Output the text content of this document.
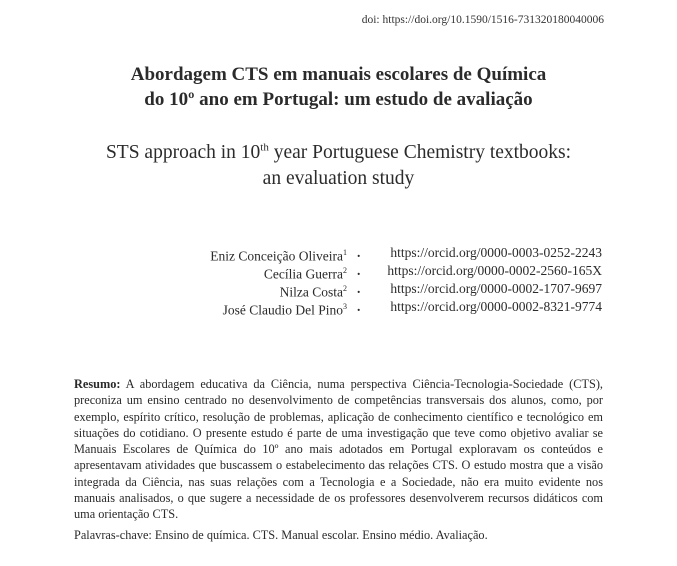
doi: https://doi.org/10.1590/1516-731320180040006
Abordagem CTS em manuais escolares de Química
do 10º ano em Portugal: um estudo de avaliação
STS approach in 10th year Portuguese Chemistry textbooks:
an evaluation study
Eniz Conceição Oliveira$^1$ . https://orcid.org/0000-0003-0252-2243
Cecília Guerra$^2$ . https://orcid.org/0000-0002-2560-165X
Nilza Costa$^2$ . https://orcid.org/0000-0002-1707-9697
José Claudio Del Pino$^3$ . https://orcid.org/0000-0002-8321-9774
Resumo: A abordagem educativa da Ciência, numa perspectiva Ciência-Tecnologia-Sociedade (CTS), preconiza um ensino centrado no desenvolvimento de competências transversais dos alunos, como, por exemplo, espírito crítico, resolução de problemas, aplicação de conhecimento científico e tecnológico em situações do cotidiano. O presente estudo é parte de uma investigação que teve como objetivo avaliar se Manuais Escolares de Química do 10º ano mais adotados em Portugal exploravam os conteúdos e apresentavam atividades que buscassem o estabelecimento das relações CTS. O estudo mostra que a visão integrada da Ciência, nas suas relações com a Tecnologia e a Sociedade, não era muito evidente nos manuais analisados, o que sugere a necessidade de os professores desenvolverem recursos didáticos com uma orientação CTS.
Palavras-chave: Ensino de química. CTS. Manual escolar. Ensino médio. Avaliação.
